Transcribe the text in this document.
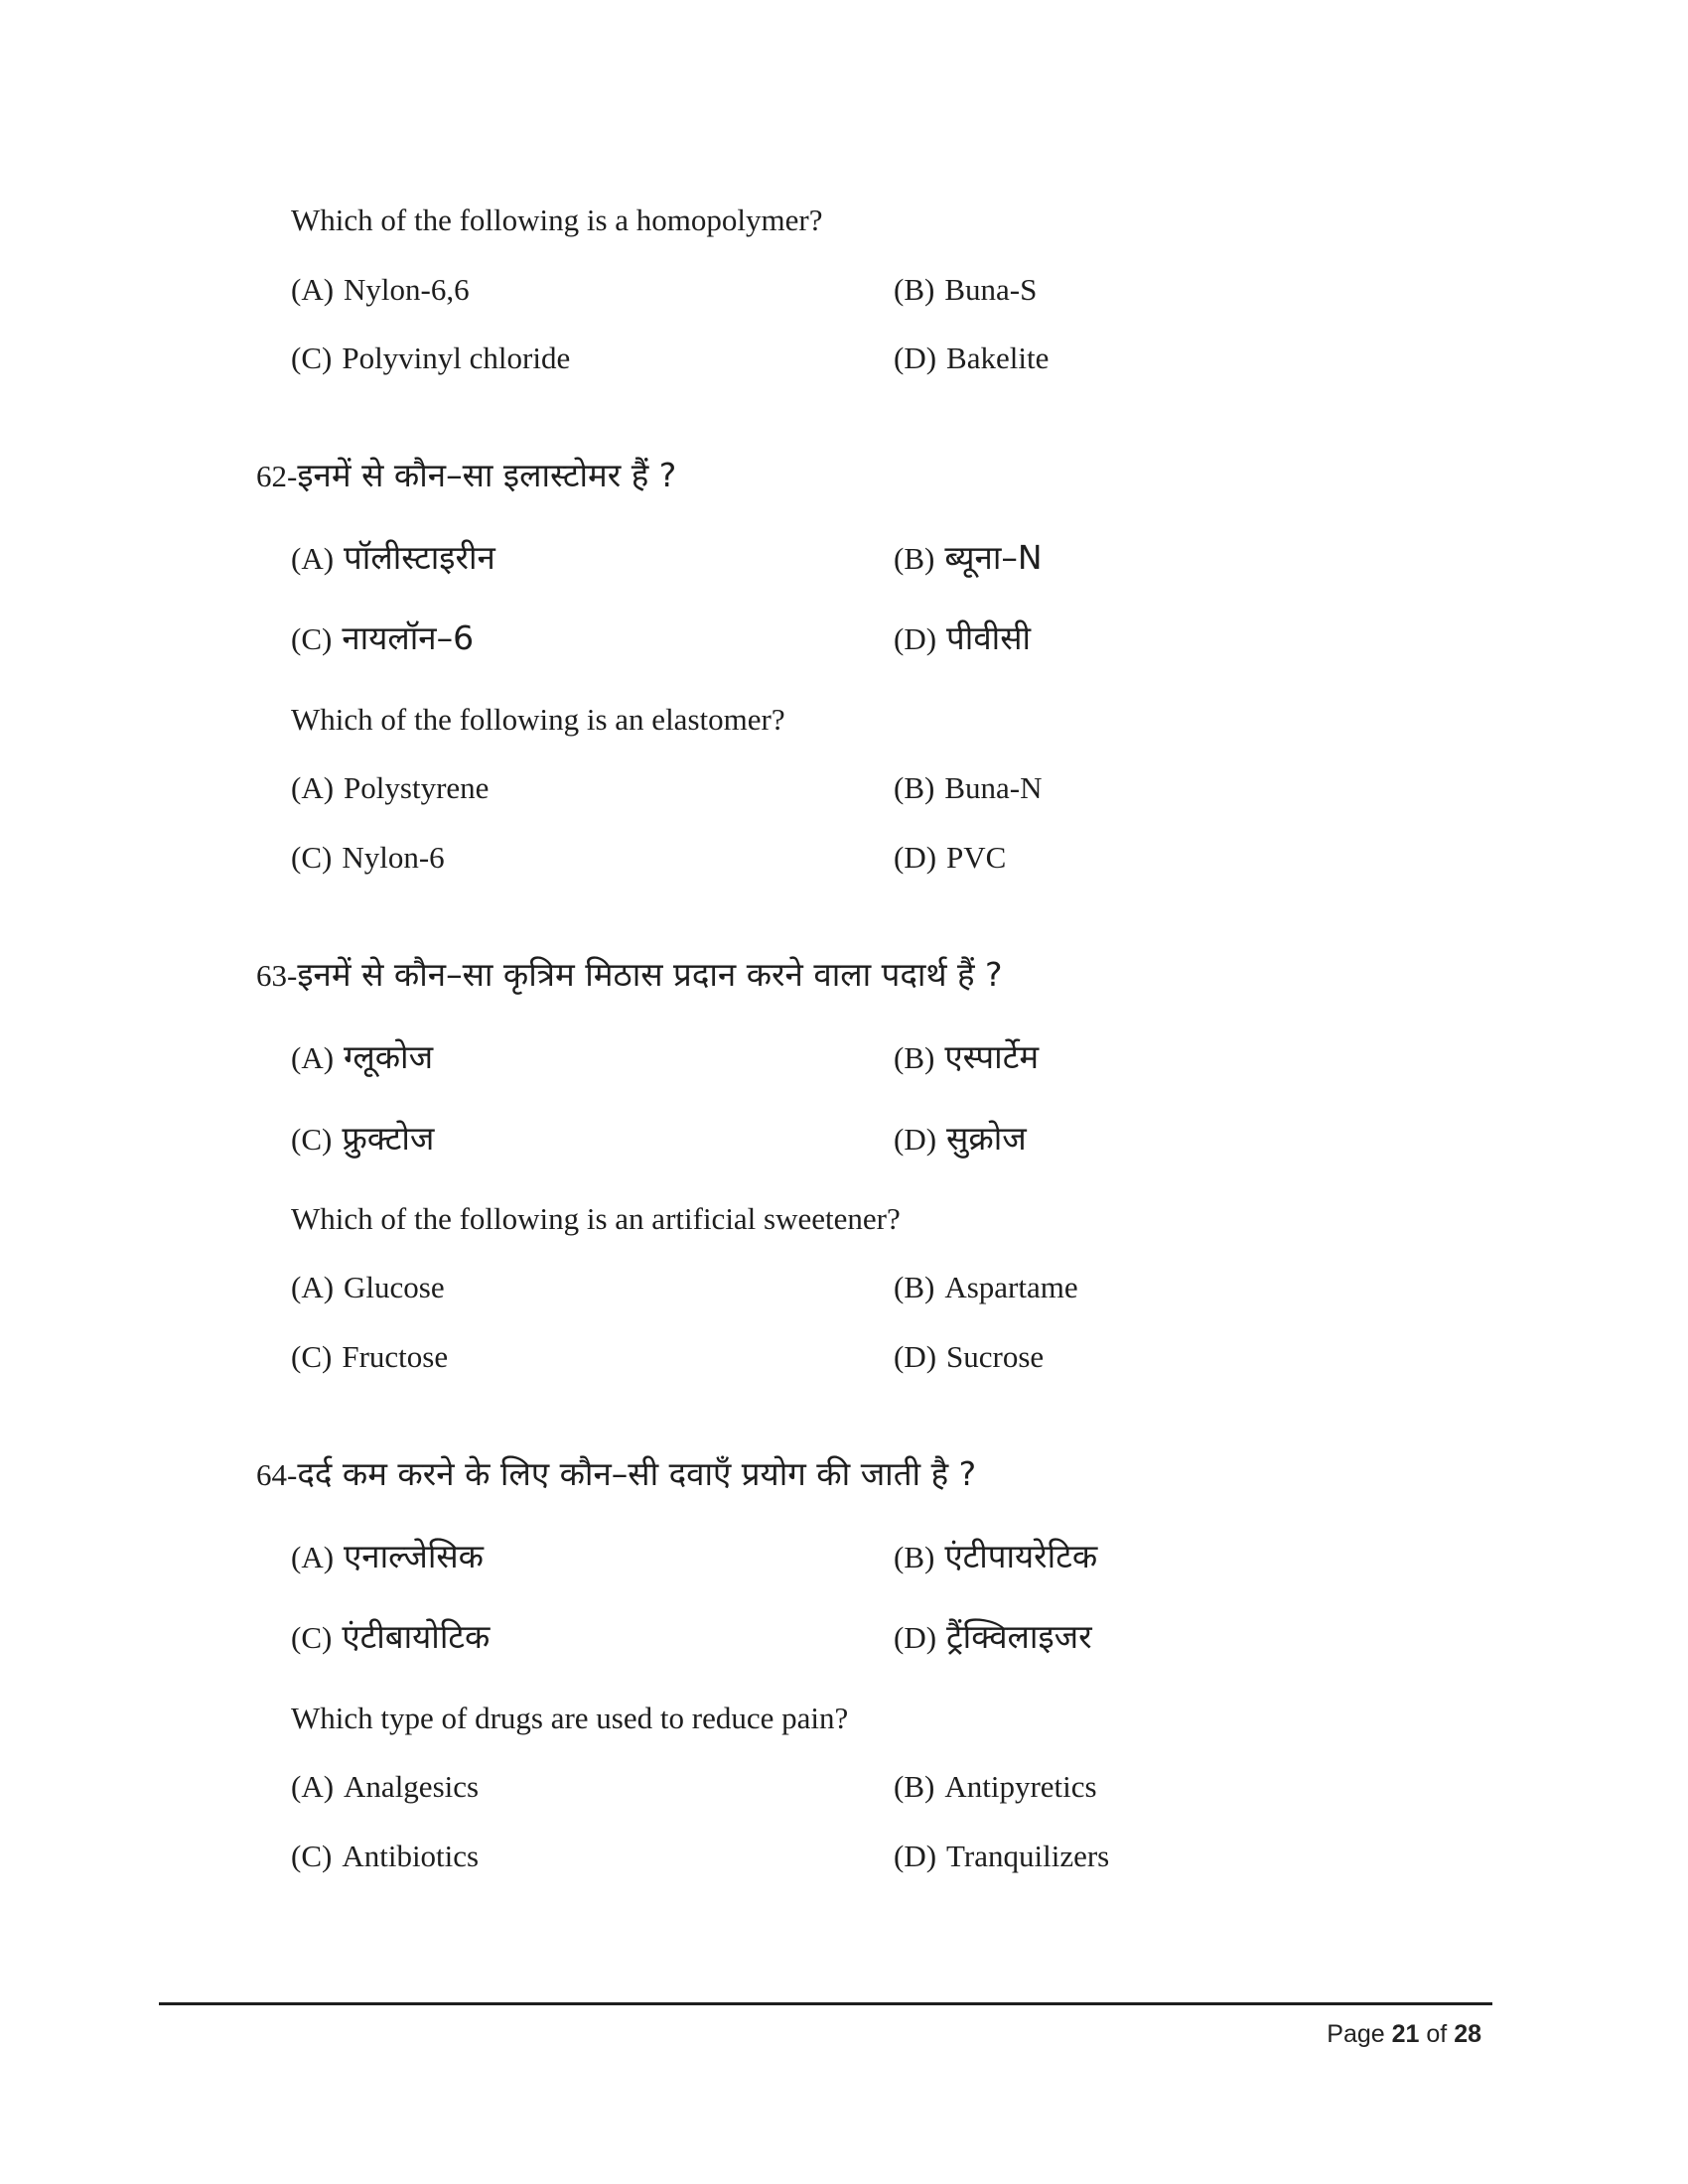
Which of the following is a homopolymer?
(A) Nylon-6,6	(B) Buna-S
(C) Polyvinyl chloride	(D) Bakelite
62-इनमें से कौन–सा इलास्टोमर हैं ?
(A) पॉलीस्टाइरीन	(B) ब्यूना–N
(C) नायलॉन–6	(D) पीवीसी
Which of the following is an elastomer?
(A) Polystyrene	(B) Buna-N
(C) Nylon-6	(D) PVC
63-इनमें से कौन–सा कृत्रिम मिठास प्रदान करने वाला पदार्थ हैं ?
(A) ग्लूकोज	(B) एस्पार्टेम
(C) फ्रुक्टोज	(D) सुक्रोज
Which of the following is an artificial sweetener?
(A) Glucose	(B) Aspartame
(C) Fructose	(D) Sucrose
64-दर्द कम करने के लिए कौन–सी दवाएँ प्रयोग की जाती है ?
(A) एनाल्जेसिक	(B) एंटीपायरेटिक
(C) एंटीबायोटिक	(D) ट्रैंक्विलाइजर
Which type of drugs are used to reduce pain?
(A) Analgesics	(B) Antipyretics
(C) Antibiotics	(D) Tranquilizers
Page 21 of 28
